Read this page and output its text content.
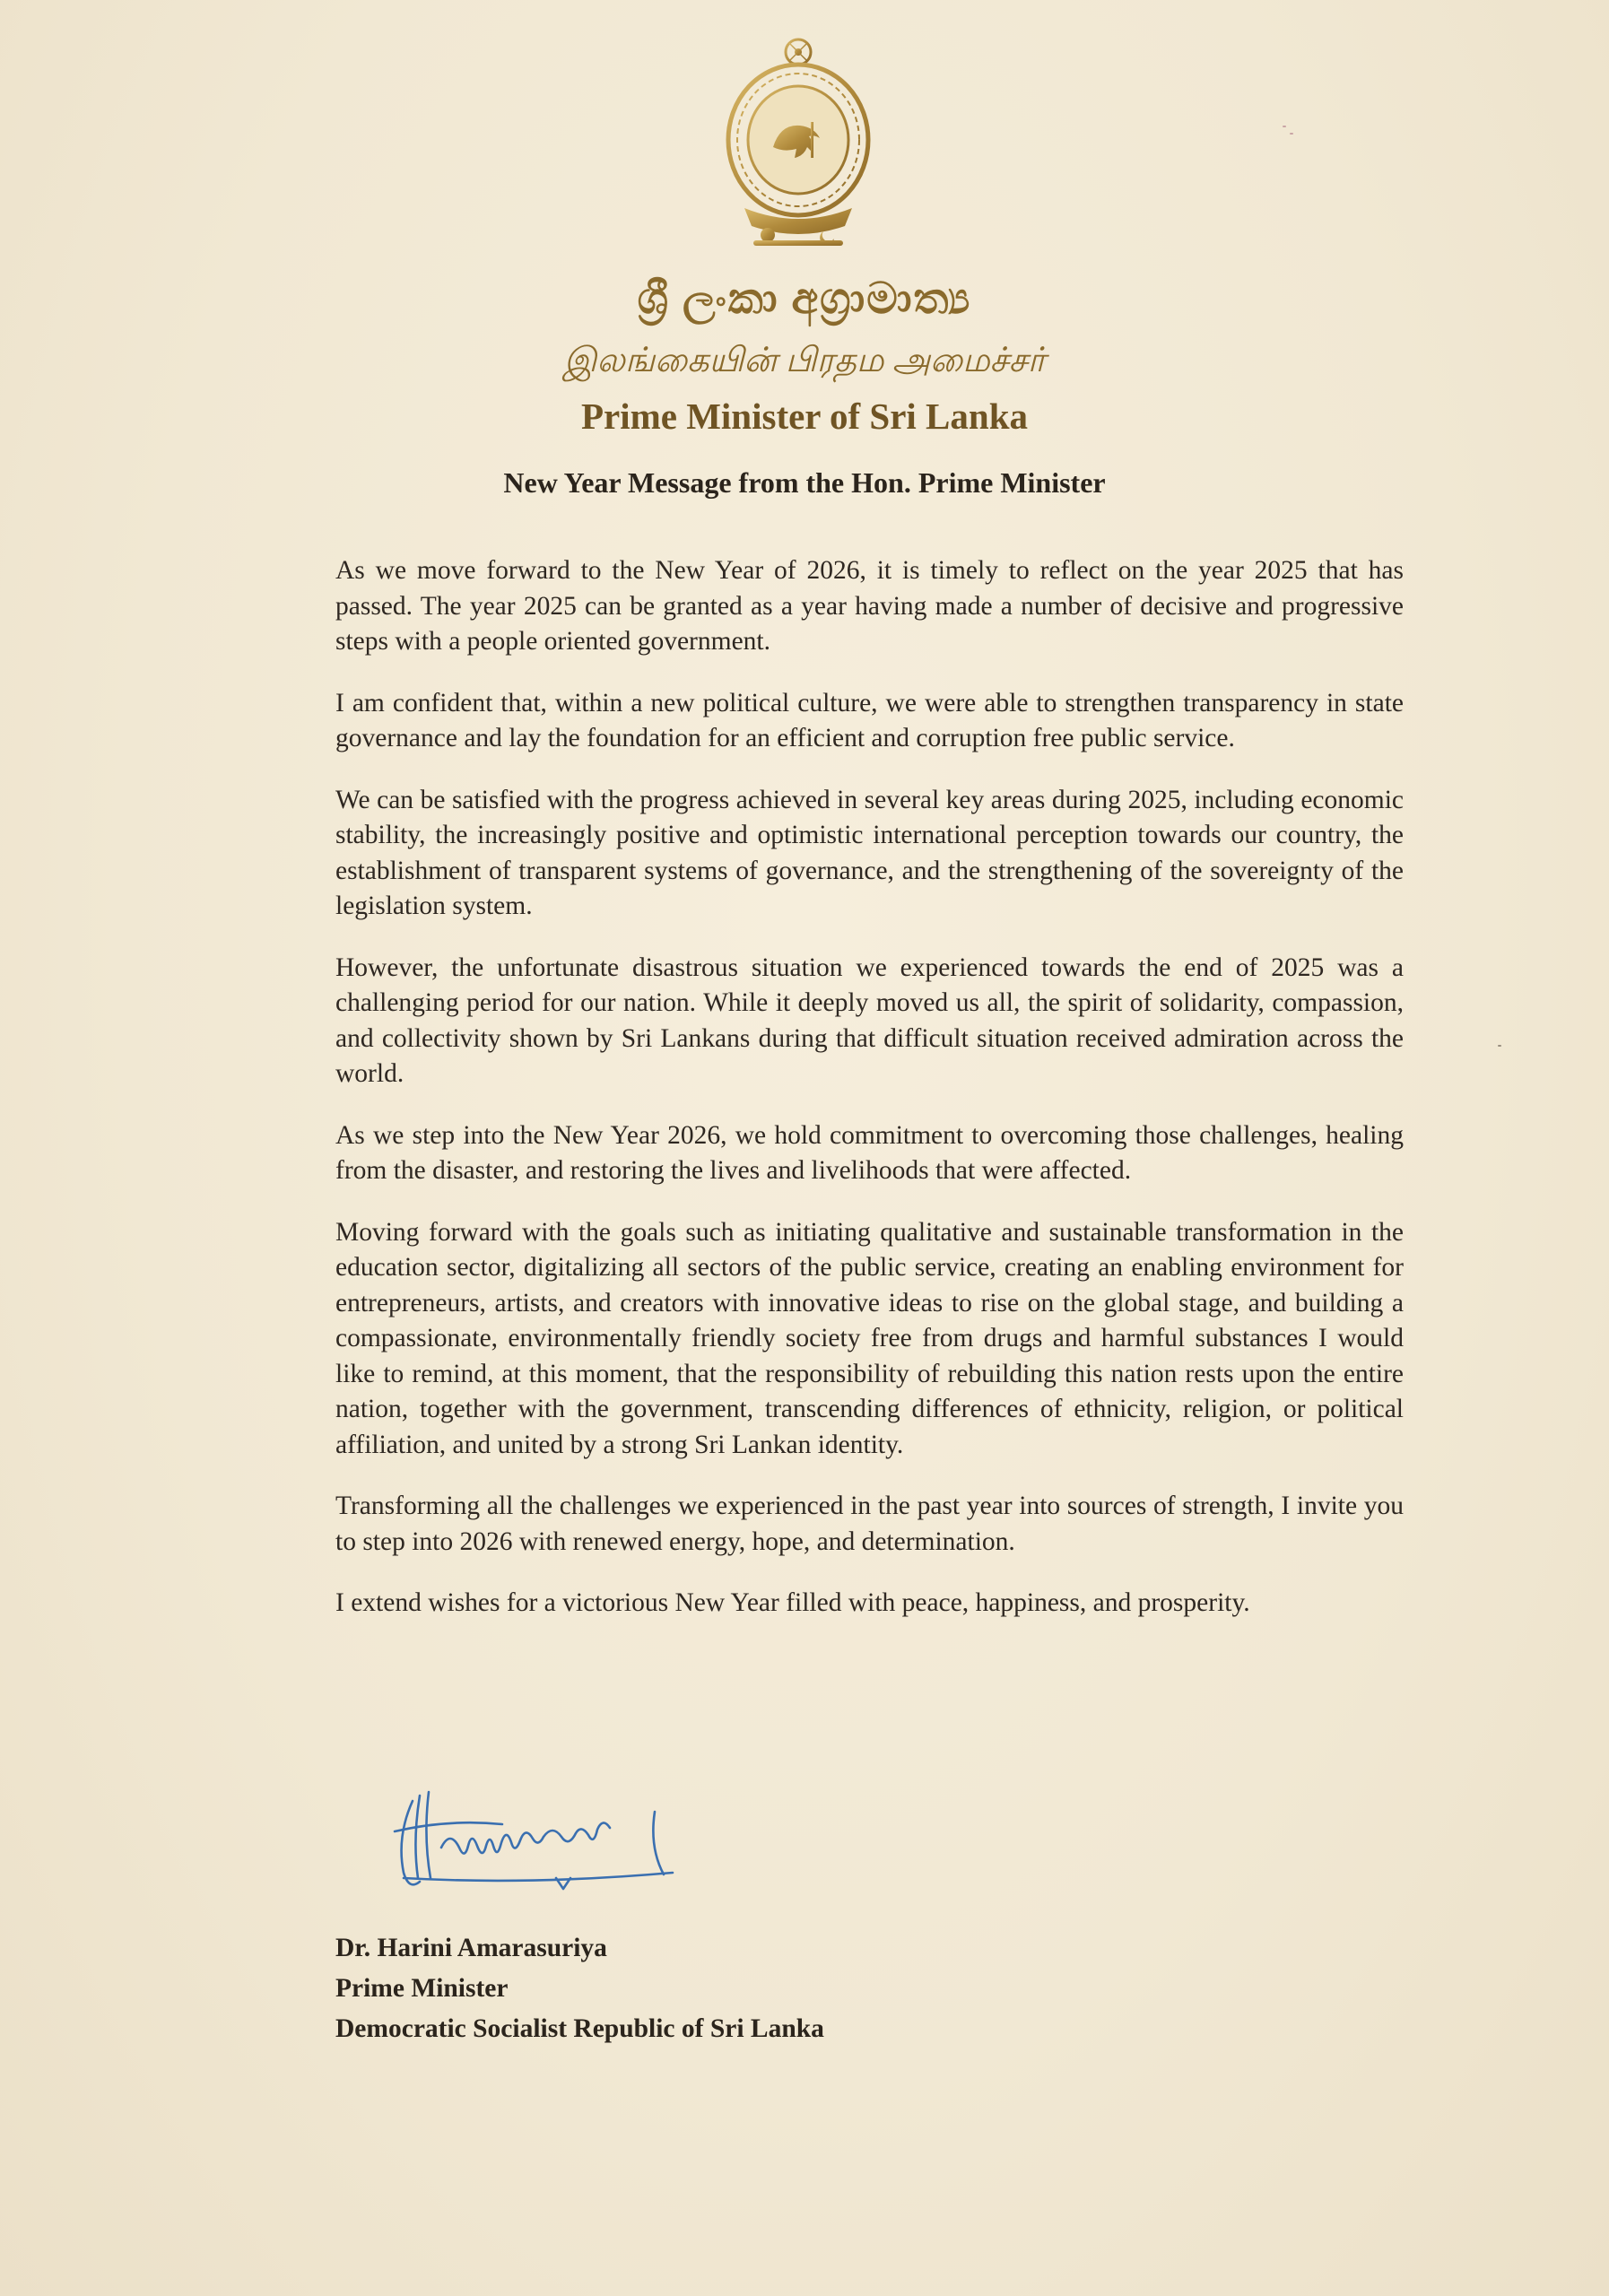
ශ්‍රී ලංකා අග්‍රාමාත්‍ය
இலங்கையின் பிரதம அமைச்சர்
Prime Minister of Sri Lanka
New Year Message from the Hon. Prime Minister

As we move forward to the New Year of 2026, it is timely to reflect on the year 2025 that has passed. The year 2025 can be granted as a year having made a number of decisive and progressive steps with a people oriented government.

I am confident that, within a new political culture, we were able to strengthen transparency in state governance and lay the foundation for an efficient and corruption free public service.

We can be satisfied with the progress achieved in several key areas during 2025, including economic stability, the increasingly positive and optimistic international perception towards our country, the establishment of transparent systems of governance, and the strengthening of the sovereignty of the legislation system.

However, the unfortunate disastrous situation we experienced towards the end of 2025 was a challenging period for our nation. While it deeply moved us all, the spirit of solidarity, compassion, and collectivity shown by Sri Lankans during that difficult situation received admiration across the world.

As we step into the New Year 2026, we hold commitment to overcoming those challenges, healing from the disaster, and restoring the lives and livelihoods that were affected.

Moving forward with the goals such as initiating qualitative and sustainable transformation in the education sector, digitalizing all sectors of the public service, creating an enabling environment for entrepreneurs, artists, and creators with innovative ideas to rise on the global stage, and building a compassionate, environmentally friendly society free from drugs and harmful substances I would like to remind, at this moment, that the responsibility of rebuilding this nation rests upon the entire nation, together with the government, transcending differences of ethnicity, religion, or political affiliation, and united by a strong Sri Lankan identity.

Transforming all the challenges we experienced in the past year into sources of strength, I invite you to step into 2026 with renewed energy, hope, and determination.

I extend wishes for a victorious New Year filled with peace, happiness, and prosperity.

Dr. Harini Amarasuriya
Prime Minister
Democratic Socialist Republic of Sri Lanka
